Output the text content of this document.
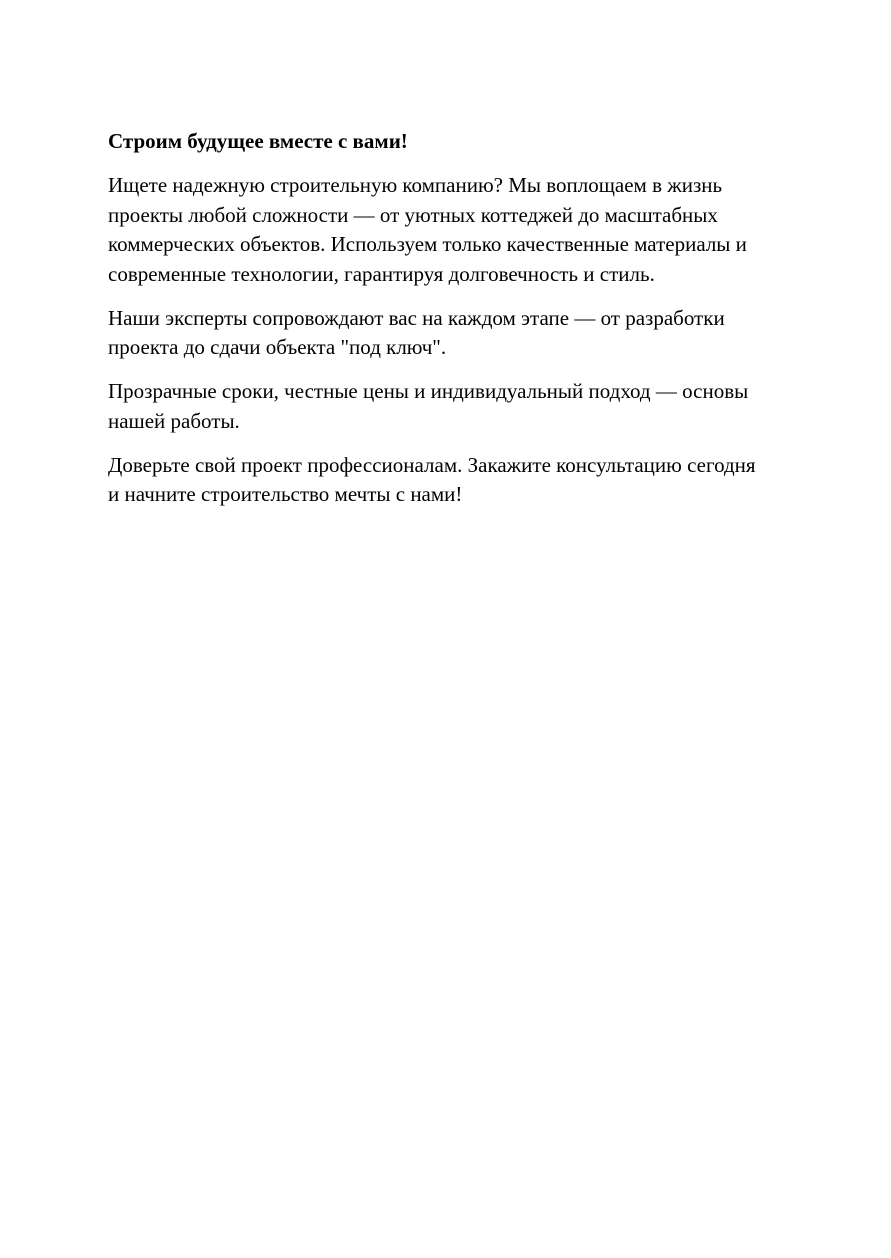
Строим будущее вместе с вами!

Ищете надежную строительную компанию? Мы воплощаем в жизнь проекты любой сложности — от уютных коттеджей до масштабных коммерческих объектов. Используем только качественные материалы и современные технологии, гарантируя долговечность и стиль.

Наши эксперты сопровождают вас на каждом этапе — от разработки проекта до сдачи объекта "под ключ".

Прозрачные сроки, честные цены и индивидуальный подход — основы нашей работы.

Доверьте свой проект профессионалам. Закажите консультацию сегодня и начните строительство мечты с нами!
